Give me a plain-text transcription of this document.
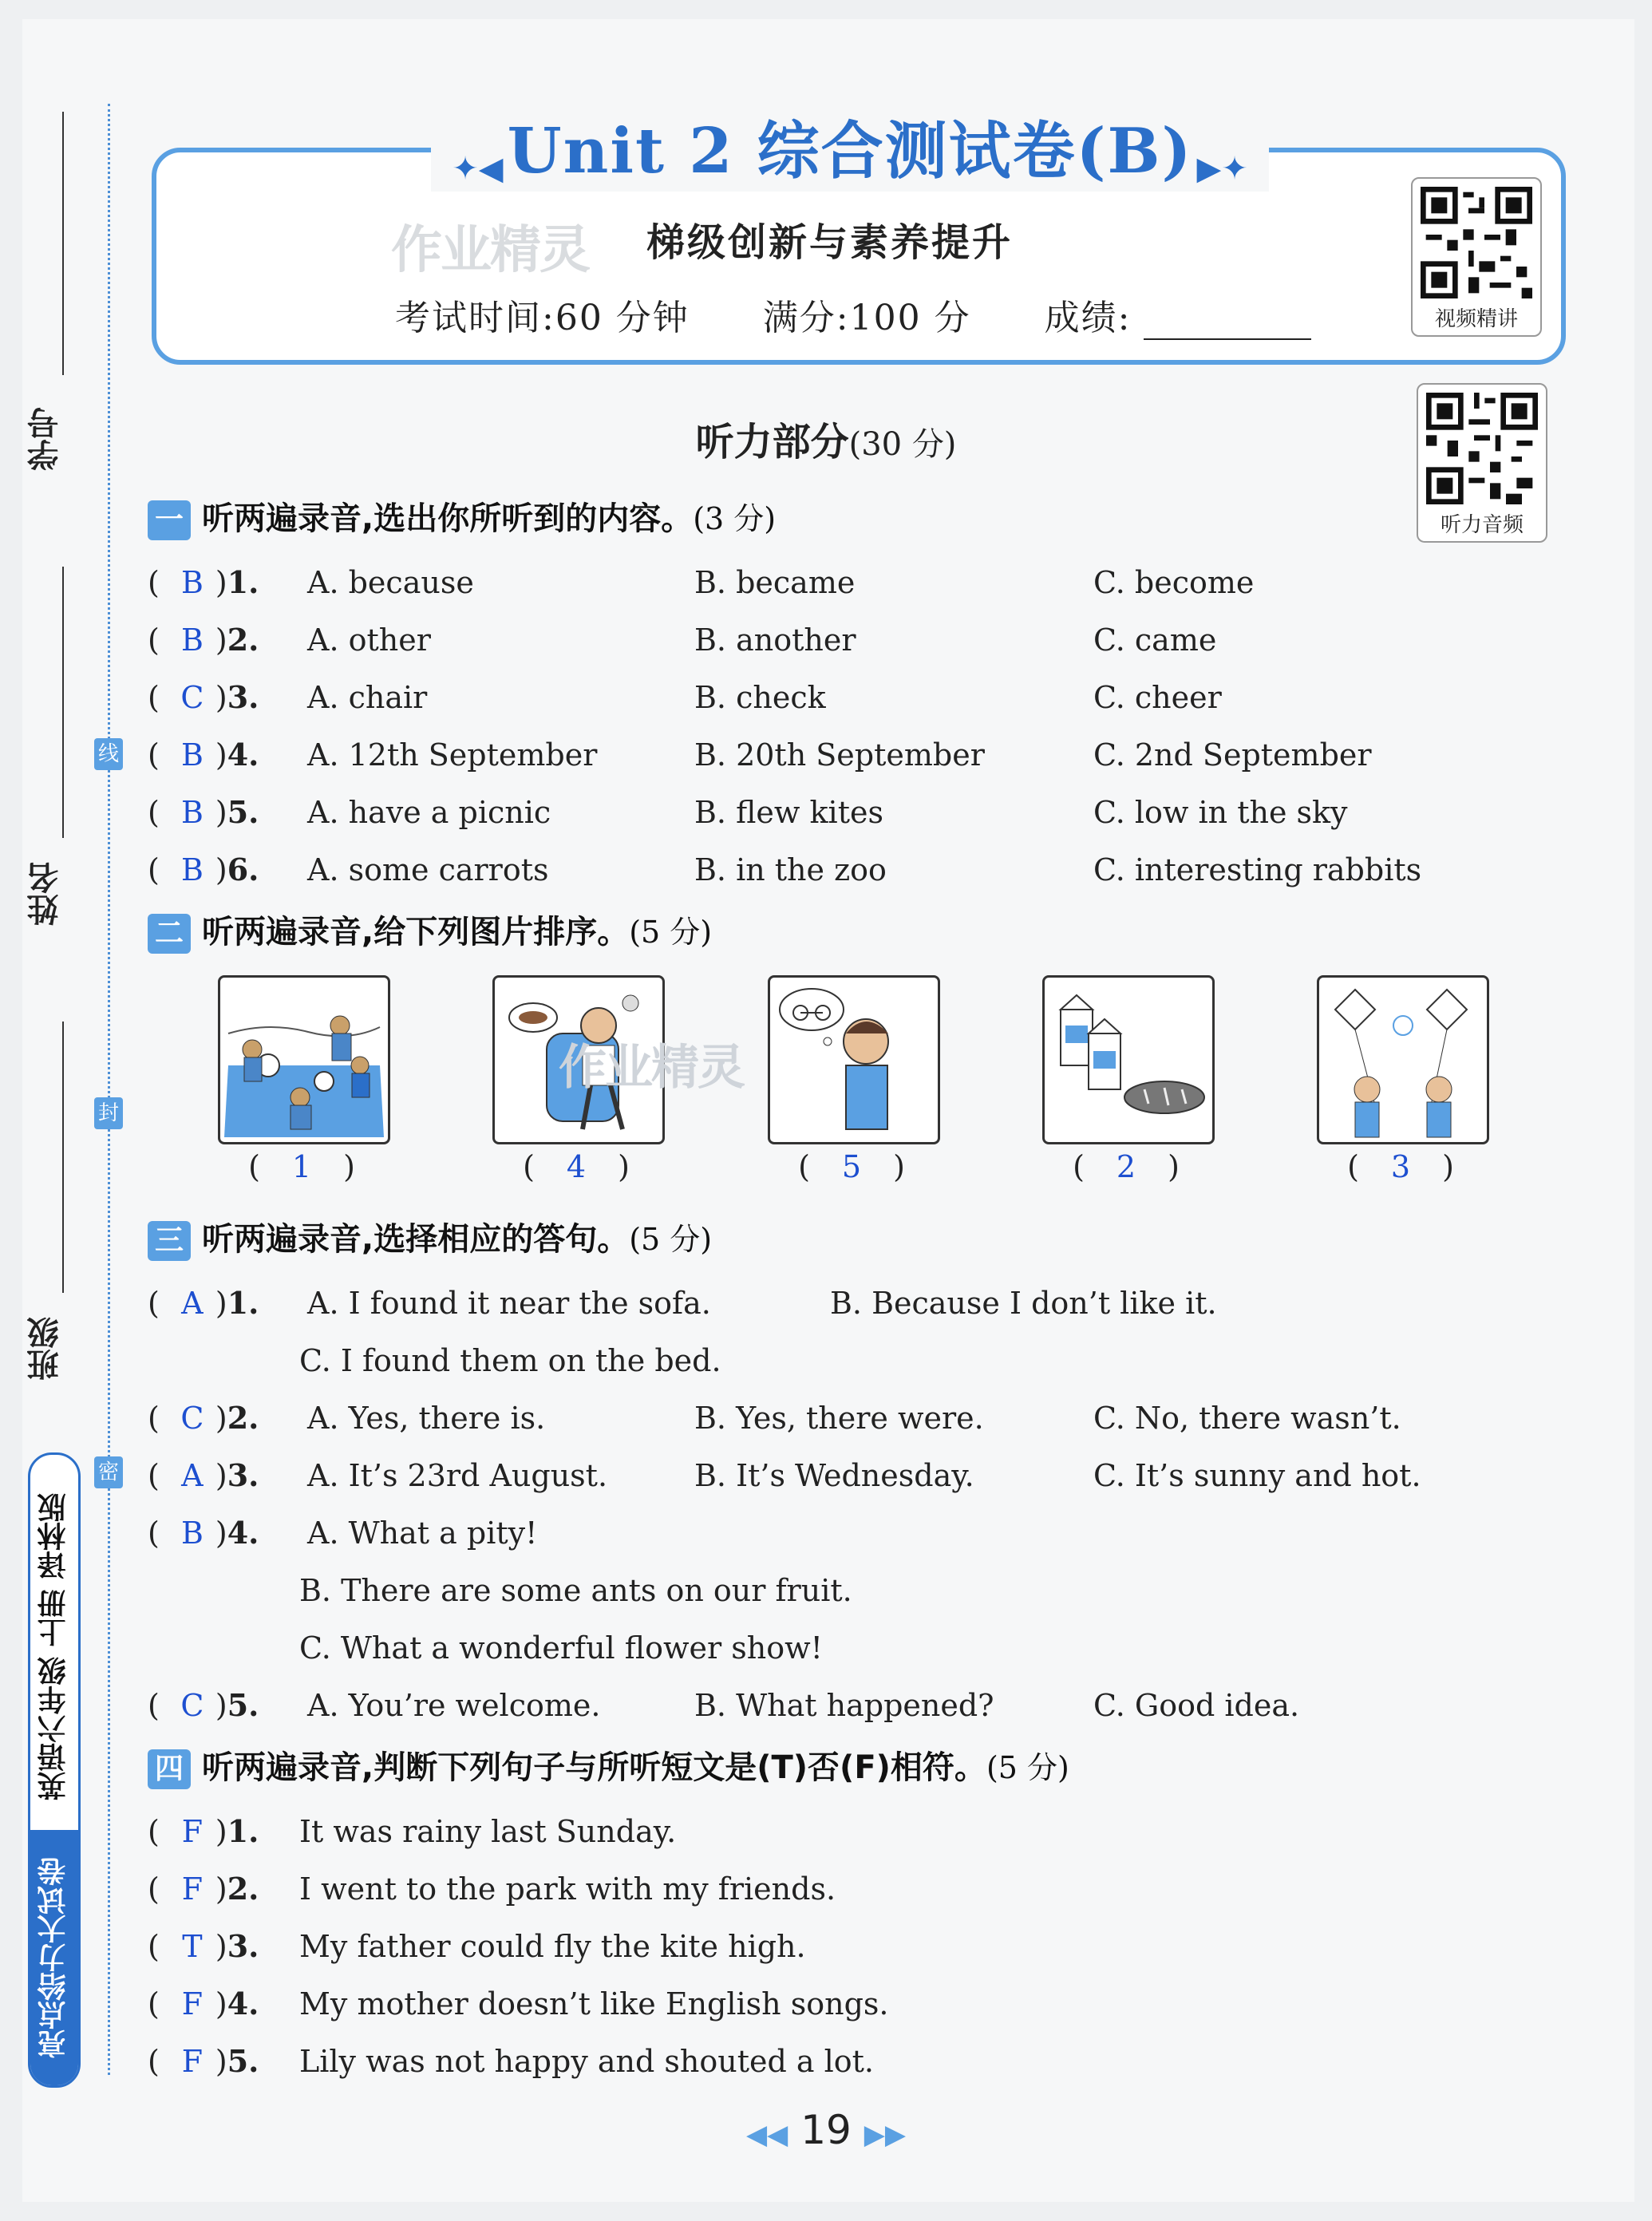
线
封
密
学号
姓名
班级
英语六年级 上册 译林版
亮点给力大试卷
✦◀ Unit 2 综合测试卷(B) ▶✦
作业精灵 梯级创新与素养提升
考试时间:60 分钟 满分:100 分 成绩:	视频精讲
听力音频
听力部分(30 分)
一 听两遍录音,选出你所听到的内容。(3 分)
( B )1. A. because	B. became	C. become
( B )2. A. other	B. another	C. came
( C )3. A. chair	B. check	C. cheer
( B )4. A. 12th September	B. 20th September	C. 2nd September
( B )5. A. have a picnic	B. flew kites	C. low in the sky
( B )6. A. some carrots	B. in the zoo	C. interesting rabbits
二 听两遍录音,给下列图片排序。(5 分)
作业精灵
( 1 )	( 4 )	( 5 )	( 2 )	( 3 )
三 听两遍录音,选择相应的答句。(5 分)
( A )1. A. I found it near the sofa.	B. Because I don’t like it.
C. I found them on the bed.
( C )2. A. Yes, there is.	B. Yes, there were.	C. No, there wasn’t.
( A )3. A. It’s 23rd August.	B. It’s Wednesday.	C. It’s sunny and hot.
( B )4. A. What a pity!
B. There are some ants on our fruit.
C. What a wonderful flower show!
( C )5. A. You’re welcome.	B. What happened?	C. Good idea.
四 听两遍录音,判断下列句子与所听短文是(T)否(F)相符。(5 分)
( F )1. It was rainy last Sunday.
( F )2. I went to the park with my friends.
( T )3. My father could fly the kite high.
( F )4. My mother doesn’t like English songs.
( F )5. Lily was not happy and shouted a lot.
◀◀ 19 ▶▶
